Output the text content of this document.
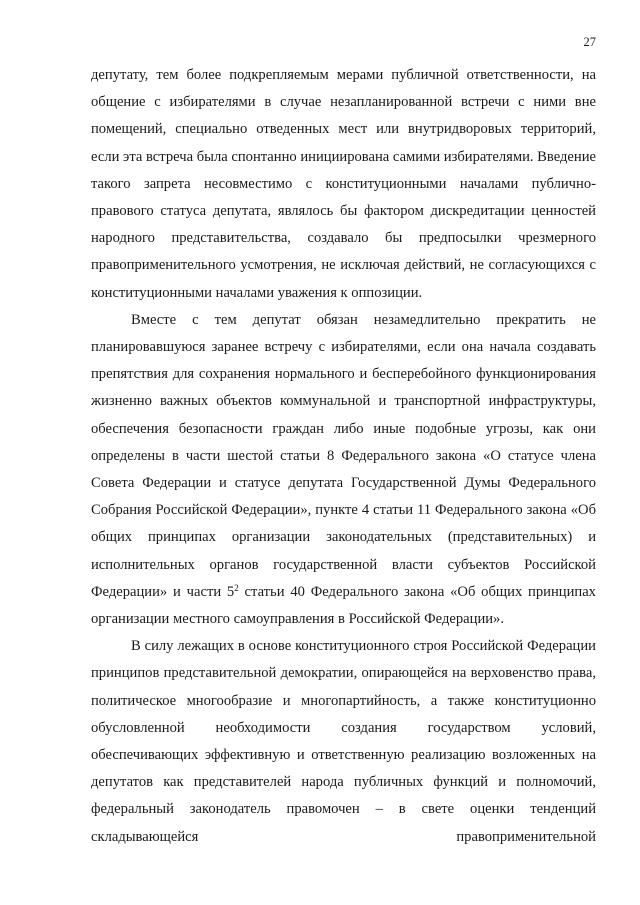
27

депутату, тем более подкрепляемым мерами публичной ответственности, на общение с избирателями в случае незапланированной встречи с ними вне помещений, специально отведенных мест или внутридворовых территорий, если эта встреча была спонтанно инициирована самими избирателями. Введение такого запрета несовместимо с конституционными началами публично-правового статуса депутата, являлось бы фактором дискредитации ценностей народного представительства, создавало бы предпосылки чрезмерного правоприменительного усмотрения, не исключая действий, не согласующихся с конституционными началами уважения к оппозиции.

Вместе с тем депутат обязан незамедлительно прекратить не планировавшуюся заранее встречу с избирателями, если она начала создавать препятствия для сохранения нормального и бесперебойного функционирования жизненно важных объектов коммунальной и транспортной инфраструктуры, обеспечения безопасности граждан либо иные подобные угрозы, как они определены в части шестой статьи 8 Федерального закона «О статусе члена Совета Федерации и статусе депутата Государственной Думы Федерального Собрания Российской Федерации», пункте 4 статьи 11 Федерального закона «Об общих принципах организации законодательных (представительных) и исполнительных органов государственной власти субъектов Российской Федерации» и части $5^2$ статьи 40 Федерального закона «Об общих принципах организации местного самоуправления в Российской Федерации».

В силу лежащих в основе конституционного строя Российской Федерации принципов представительной демократии, опирающейся на верховенство права, политическое многообразие и многопартийность, а также конституционно обусловленной необходимости создания государством условий, обеспечивающих эффективную и ответственную реализацию возложенных на депутатов как представителей народа публичных функций и полномочий, федеральный законодатель правомочен – в свете оценки тенденций складывающейся правоприменительной
